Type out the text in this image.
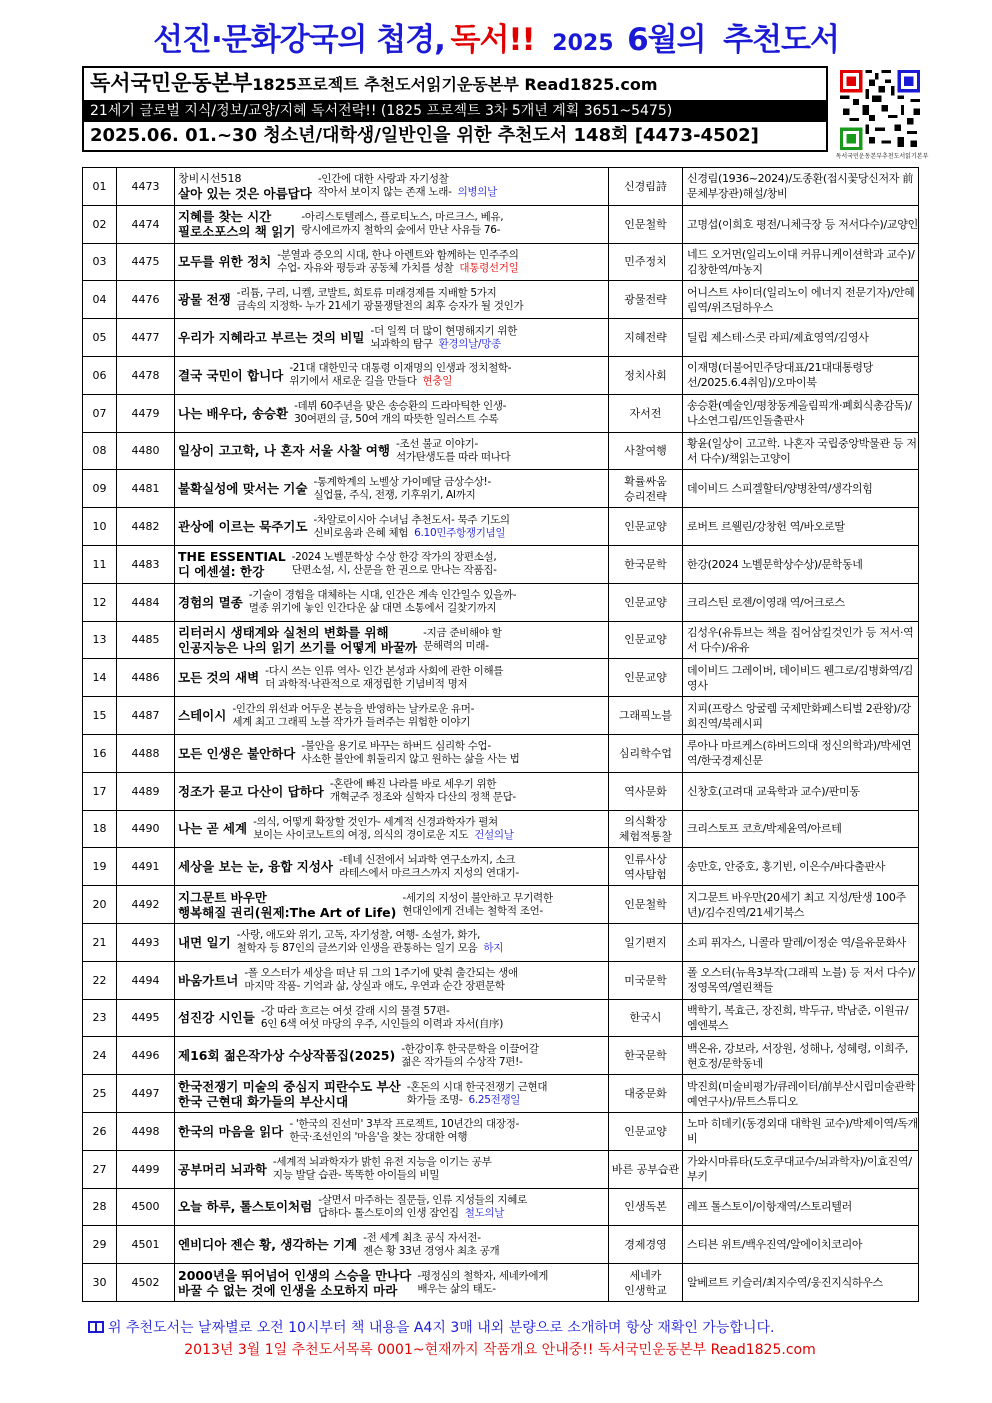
선진·문화강국의 첩경, 독서!! 2025 6월의 추천도서
독서국민운동본부1825프로젝트 추천도서읽기운동본부 Read1825.com
21세기 글로벌 지식/정보/교양/지혜 독서전략!! (1825 프로젝트 3차 5개년 계획 3651~5475)
2025.06. 01.~30 청소년/대학생/일반인을 위한 추천도서 148회 [4473-4502]
독서국민운동본부추천도서읽기본부
01	4473	창비시선518
살아 있는 것은 아름답다
-인간에 대한 사랑과 자기성찰
작아서 보이지 않는 존재 노래- 의병의날	신경림詩	신경림(1936~2024)/도종환(접시꽃당신저자 前 문체부장관)해설/창비
02	4474	지혜를 찾는 시간
필로소포스의 책 읽기
-아리스토텔레스, 플로티노스, 마르크스, 베유,
랑시에르까지 철학의 숲에서 만난 사유들 76-	인문철학	고명섭(이희호 평전/니체극장 등 저서다수)/교양인
03	4475	모두를 위한 정치 -분열과 증오의 시대, 한나 아렌트와 함께하는 민주주의
수업- 자유와 평등과 공동체 가치를 성찰 대통령선거일	민주정치	네드 오거먼(일리노이대 커뮤니케이션학과 교수)/김창한역/마농지
04	4476	광물 전쟁 -리튬, 구리, 니켈, 코발트, 희토류 미래경제를 지배할 5가지
금속의 지정학- 누가 21세기 광물쟁탈전의 최후 승자가 될 것인가	광물전략	어니스트 샤이더(일리노이 에너지 전문기자)/안혜림역/위즈덤하우스
05	4477	우리가 지혜라고 부르는 것의 비밀 -더 일찍 더 많이 현명해지기 위한
뇌과학의 탐구 환경의날/망종	지혜전략	딜립 제스테·스콧 라피/제효영역/김영사
06	4478	결국 국민이 합니다 -21대 대한민국 대통령 이재명의 인생과 정치철학-
위기에서 새로운 길을 만들다 현충일	정치사회	이재명(더불어민주당대표/21대대통령당선/2025.6.4취임)/오마이북
07	4479	나는 배우다, 송승환 -데뷔 60주년을 맞은 송승환의 드라마틱한 인생-
30여편의 글, 50여 개의 따뜻한 일러스트 수록	자서전	송승환(예술인/평창동계올림픽개·폐회식총감독)/나소연그림/뜨인돌출판사
08	4480	일상이 고고학, 나 혼자 서울 사찰 여행 -조선 불교 이야기-
석가탄생도를 따라 떠나다	사찰여행	황윤(일상이 고고학. 나혼자 국립중앙박물관 등 저서 다수)/책읽는고양이
09	4481	불확실성에 맞서는 기술 -통계학계의 노벨상 가이메달 금상수상!-
실업률, 주식, 전쟁, 기후위기, AI까지	확률싸움 승리전략	데이비드 스피겔할터/양병찬역/생각의힘
10	4482	관상에 이르는 묵주기도 -차알로이시아 수녀님 추천도서- 묵주 기도의
신비로움과 은혜 체험 6.10민주항쟁기념일	인문교양	로버트 르웰린/강창헌 역/바오로딸
11	4483	THE ESSENTIAL
디 에센셜: 한강
-2024 노벨문학상 수상 한강 작가의 장편소설,
단편소설, 시, 산문을 한 권으로 만나는 작품집-	한국문학	한강(2024 노벨문학상수상)/문학동네
12	4484	경험의 멸종 -기술이 경험을 대체하는 시대, 인간은 계속 인간일수 있을까-
멸종 위기에 놓인 인간다운 삶 대면 소통에서 길찾기까지	인문교양	크리스틴 로젠/이영래 역/어크로스
13	4485	리터러시 생태계와 실천의 변화를 위해
인공지능은 나의 읽기 쓰기를 어떻게 바꿀까
-지금 준비해야 할
문해력의 미래-	인문교양	김성우(유튜브는 책을 집어삼킬것인가 등 저서·역서 다수)/유유
14	4486	모든 것의 새벽 -다시 쓰는 인류 역사- 인간 본성과 사회에 관한 이해를
더 과학적·낙관적으로 재정립한 기념비적 명저	인문교양	데이비드 그레이버, 데이비드 웬그로/김병화역/김영사
15	4487	스테이시 -인간의 위선과 어두운 본능을 반영하는 날카로운 유머-
세계 최고 그래픽 노블 작가가 들려주는 위험한 이야기	그래픽노블	지피(프랑스 앙굴렘 국제만화페스티벌 2관왕)/강희진역/북레시피
16	4488	모든 인생은 불안하다 -불안을 용기로 바꾸는 하버드 심리학 수업-
사소한 불안에 휘둘리지 않고 원하는 삶을 사는 법	심리학수업	루아나 마르케스(하버드의대 정신의학과)/박세연역/한국경제신문
17	4489	정조가 묻고 다산이 답하다 -혼란에 빠진 나라를 바로 세우기 위한
개혁군주 정조와 실학자 다산의 정책 문답-	역사문화	신창호(고려대 교육학과 교수)/판미동
18	4490	나는 곧 세계 -의식, 어떻게 확장할 것인가- 세계적 신경과학자가 펼쳐
보이는 사이코노트의 여정, 의식의 경이로운 지도 건설의날	의식확장 체험적통찰	크리스토프 코흐/박제윤역/아르테
19	4491	세상을 보는 눈, 융합 지성사 -테네 신전에서 뇌과학 연구소까지, 소크
라테스에서 마르크스까지 지성의 연대기-	인류사상 역사탐험	송만호, 안중호, 홍기빈, 이은수/바다출판사
20	4492	지그문트 바우만
행복해질 권리(원제:The Art of Life)
-세기의 지성이 불안하고 무기력한
현대인에게 건네는 철학적 조언-	인문철학	지그문트 바우만(20세기 최고 지성/탄생 100주년)/김수진역/21세기북스
21	4493	내면 일기 -사랑, 애도와 위기, 고독, 자기성찰, 여행- 소설가, 화가,
철학자 등 87인의 글쓰기와 인생을 관통하는 일기 모음 하지	일기편지	소피 퓌자스, 니콜라 말레/이정순 역/을유문화사
22	4494	바움가트너 -폴 오스터가 세상을 떠난 뒤 그의 1주기에 맞춰 출간되는 생애
마지막 작품- 기억과 삶, 상실과 애도, 우연과 순간 장편문학	미국문학	폴 오스터(뉴욕3부작(그래픽 노블) 등 저서 다수)/정영목역/열린책들
23	4495	섬진강 시인들 -강 따라 흐르는 여섯 갈래 시의 물결 57편-
6인 6색 여섯 마당의 우주, 시인들의 이력과 자서(自序)	한국시	백학기, 복효근, 장진희, 박두규, 박남준, 이원규/엠엔북스
24	4496	제16회 젊은작가상 수상작품집(2025) -한강이후 한국문학을 이끌어갈
젊은 작가들의 수상작 7편!-	한국문학	백온유, 강보라, 서장원, 성해나, 성혜령, 이희주, 현호정/문학동네
25	4497	한국전쟁기 미술의 중심지 피란수도 부산
한국 근현대 화가들의 부산시대
-혼돈의 시대 한국전쟁기 근현대
화가들 조명- 6.25전쟁일	대중문화	박진희(미술비평가/큐레이터/前부산시립미술관학예연구사)/뮤트스튜디오
26	4498	한국의 마음을 읽다 - '한국의 진선미' 3부작 프로젝트, 10년간의 대장정-
한국·조선인의 '마음'을 찾는 장대한 여행	인문교양	노마 히데키(동경외대 대학원 교수)/박제이역/독개비
27	4499	공부머리 뇌과학 -세계적 뇌과학자가 밝힌 유전 지능을 이기는 공부
지능 발달 습관- 똑똑한 아이들의 비밀	바른 공부습관	가와시마류타(도호쿠대교수/뇌과학자)/이효진역/부키
28	4500	오늘 하루, 톨스토이처럼 -살면서 마주하는 질문들, 인류 지성들의 지혜로
답하다- 톨스토이의 인생 잠언집 철도의날	인생독본	레프 톨스토이/이항재역/스토리텔러
29	4501	엔비디아 젠슨 황, 생각하는 기계 -전 세계 최초 공식 자서전-
젠슨 황 33년 경영사 최초 공개	경제경영	스티븐 위트/백우진역/알에이치코리아
30	4502	2000년을 뛰어넘어 인생의 스승을 만나다
바꿀 수 없는 것에 인생을 소모하지 마라
-평정심의 철학자, 세네카에게
배우는 삶의 태도-	세네카 인생학교	알베르트 키슬러/최지수역/웅진지식하우스
위 추천도서는 날짜별로 오전 10시부터 책 내용을 A4지 3매 내외 분량으로 소개하며 항상 재확인 가능합니다.
2013년 3월 1일 추천도서목록 0001~현재까지 작품개요 안내중!! 독서국민운동본부 Read1825.com
